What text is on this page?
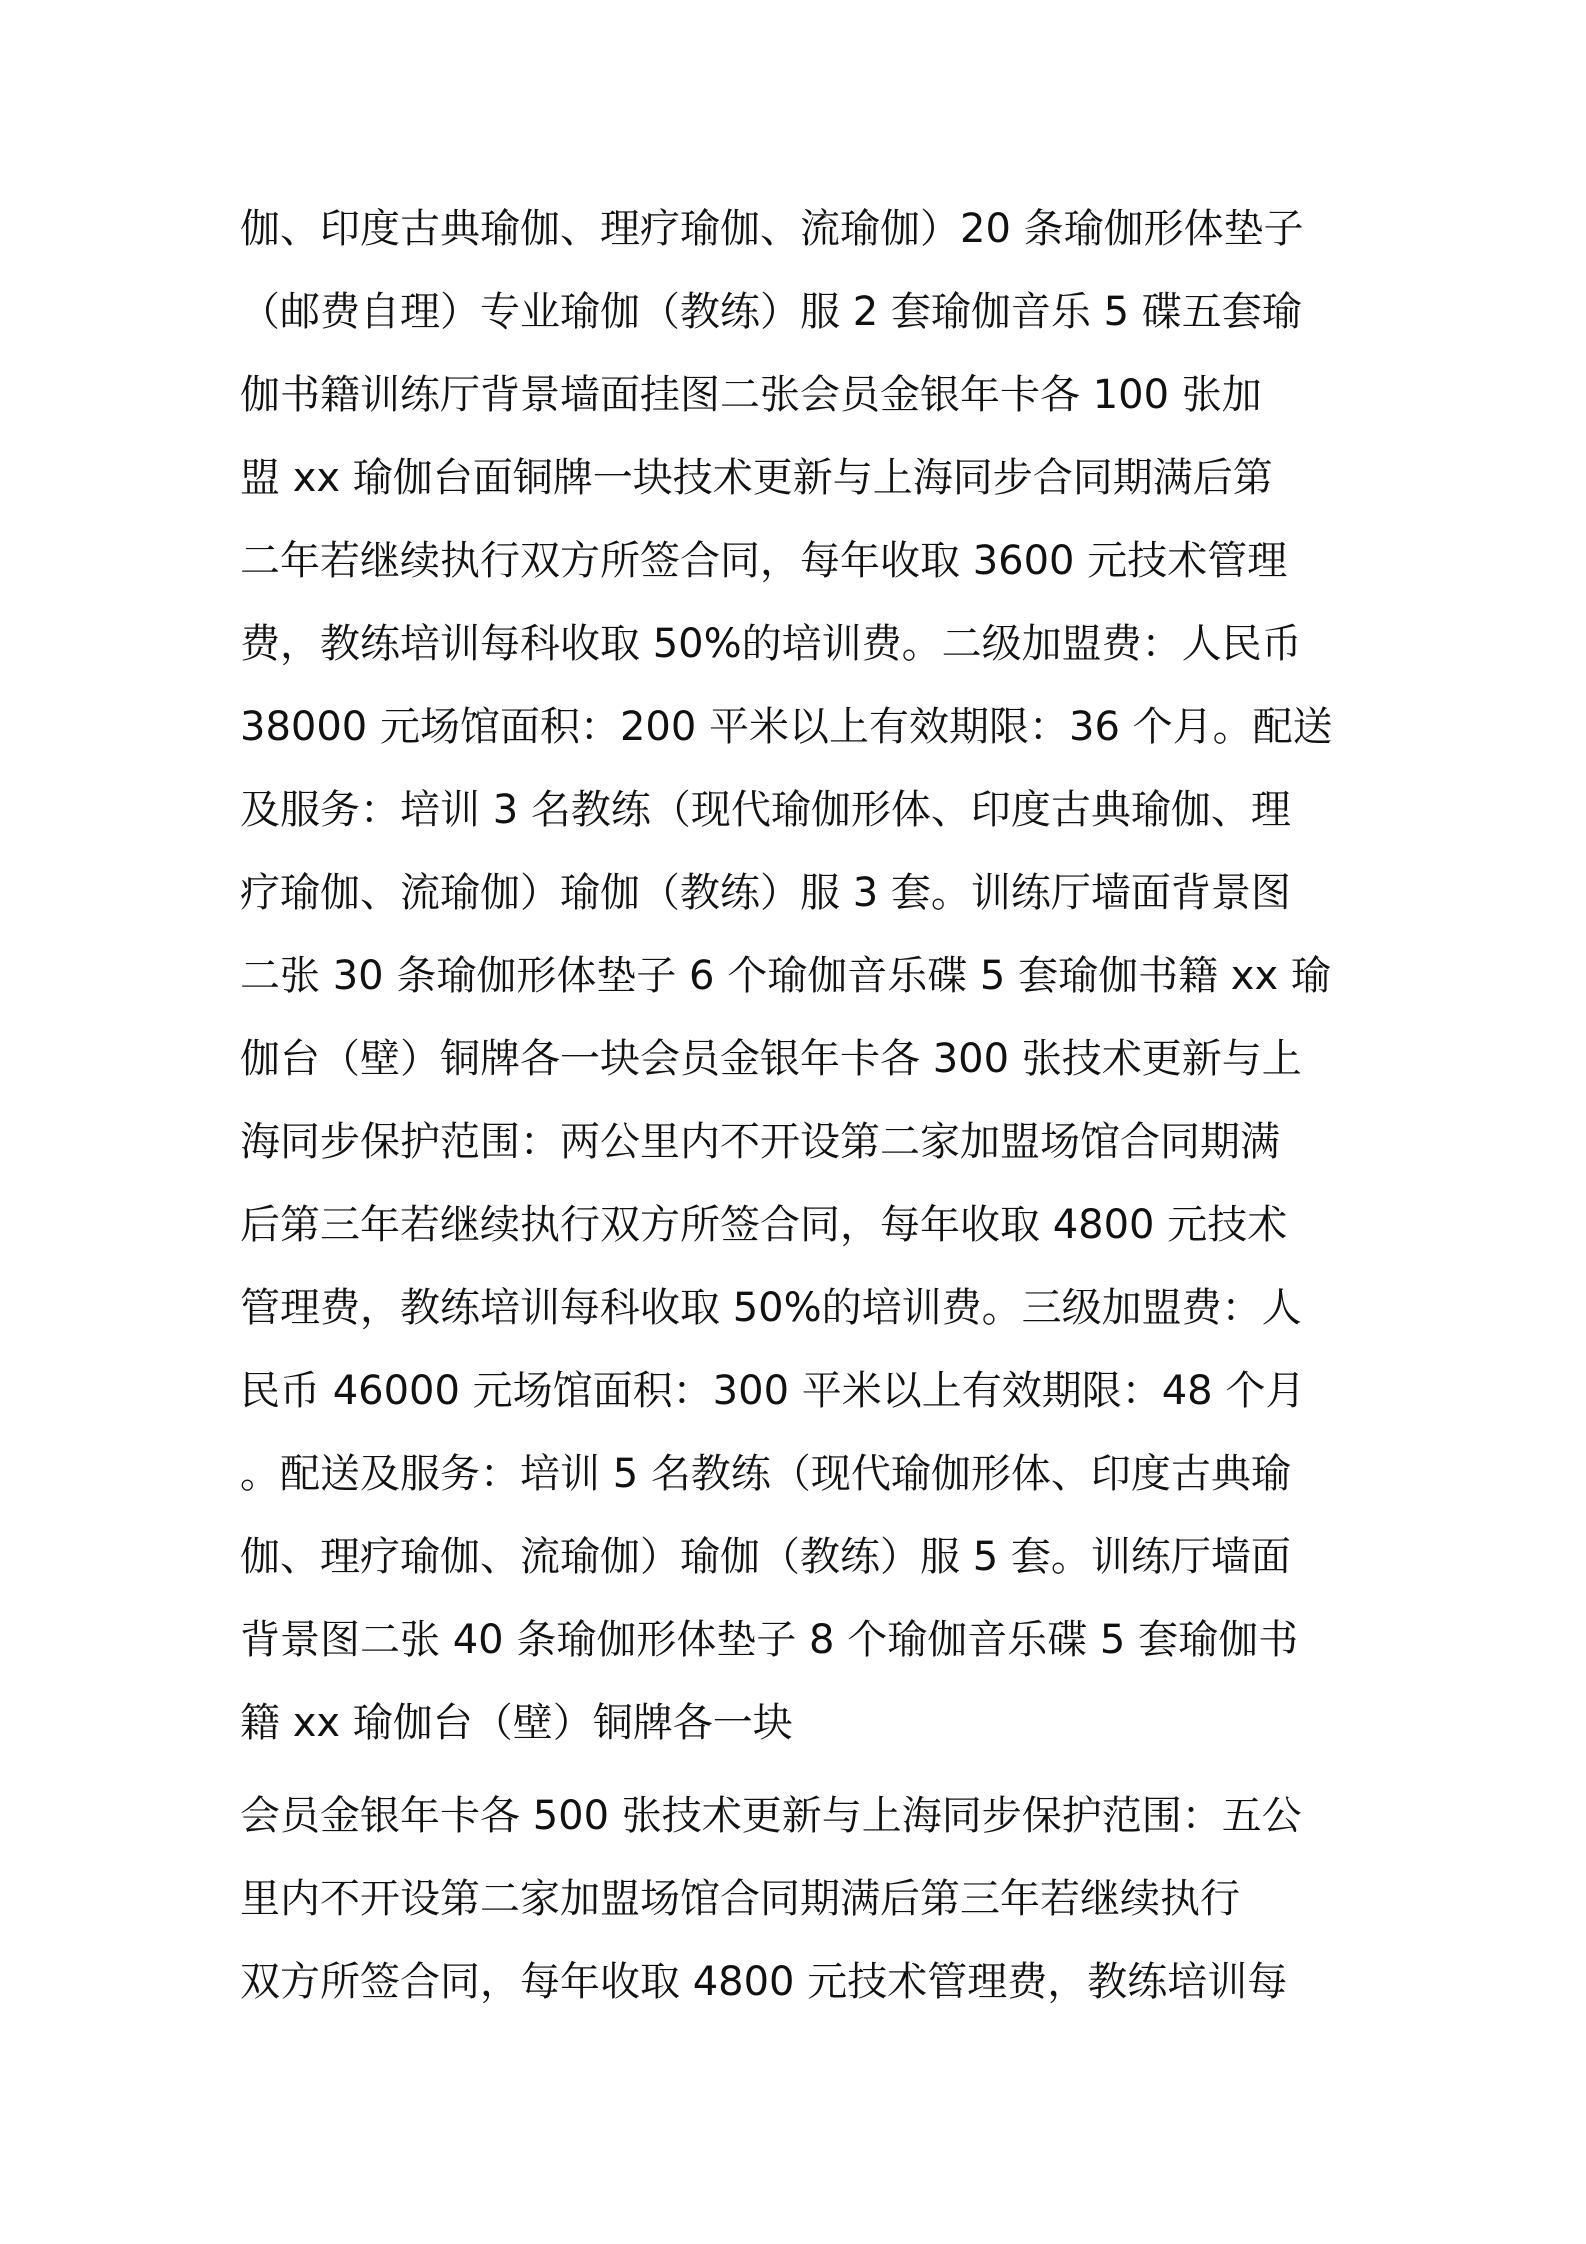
伽、印度古典瑜伽、理疗瑜伽、流瑜伽）20 条瑜伽形体垫子
（邮费自理）专业瑜伽（教练）服 2 套瑜伽音乐 5 碟五套瑜
伽书籍训练厅背景墙面挂图二张会员金银年卡各 100 张加
盟 xx 瑜伽台面铜牌一块技术更新与上海同步合同期满后第
二年若继续执行双方所签合同，每年收取 3600 元技术管理
费，教练培训每科收取 50%的培训费。二级加盟费：人民币
38000 元场馆面积：200 平米以上有效期限：36 个月。配送
及服务：培训 3 名教练（现代瑜伽形体、印度古典瑜伽、理
疗瑜伽、流瑜伽）瑜伽（教练）服 3 套。训练厅墙面背景图
二张 30 条瑜伽形体垫子 6 个瑜伽音乐碟 5 套瑜伽书籍 xx 瑜
伽台（壁）铜牌各一块会员金银年卡各 300 张技术更新与上
海同步保护范围：两公里内不开设第二家加盟场馆合同期满
后第三年若继续执行双方所签合同，每年收取 4800 元技术
管理费，教练培训每科收取 50%的培训费。三级加盟费：人
民币 46000 元场馆面积：300 平米以上有效期限：48 个月
。配送及服务：培训 5 名教练（现代瑜伽形体、印度古典瑜
伽、理疗瑜伽、流瑜伽）瑜伽（教练）服 5 套。训练厅墙面
背景图二张 40 条瑜伽形体垫子 8 个瑜伽音乐碟 5 套瑜伽书
籍 xx 瑜伽台（壁）铜牌各一块
会员金银年卡各 500 张技术更新与上海同步保护范围：五公
里内不开设第二家加盟场馆合同期满后第三年若继续执行
双方所签合同，每年收取 4800 元技术管理费，教练培训每
